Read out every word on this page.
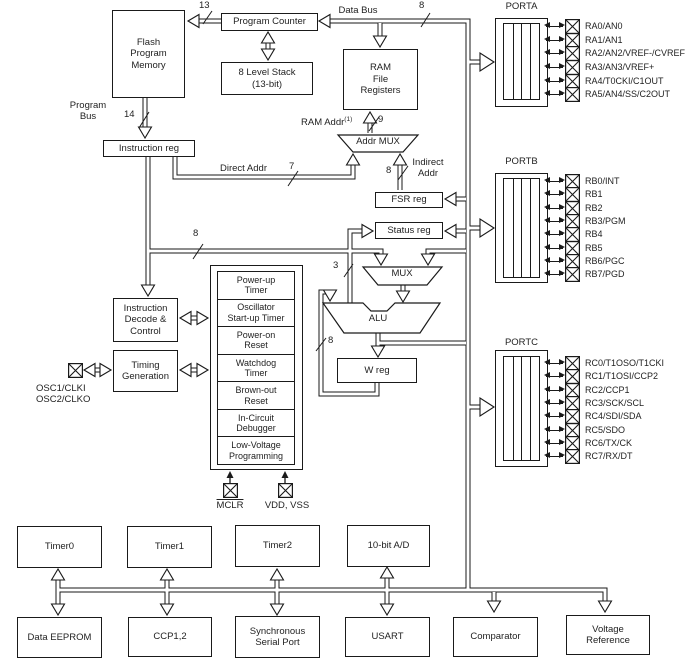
Flash
Program
Memory
Program Counter
8 Level Stack
(13-bit)
RAM
File
Registers
Instruction reg
FSR reg
Status reg
Instruction
Decode &
Control
Timing
Generation
W reg
Addr MUX
MUX
ALU
Power-up
Timer
Oscillator
Start-up Timer
Power-on
Reset
Watchdog
Timer
Brown-out
Reset
In-Circuit
Debugger
Low-Voltage
Programming
Timer0	Timer1	Timer2	10-bit A/D
Data EEPROM	CCP1,2
Synchronous
Serial Port
USART	Comparator
Voltage
Reference
PORTA
RA0/AN0
RA1/AN1
RA2/AN2/VREF-/CVREF
RA3/AN3/VREF+
RA4/T0CKI/C1OUT
RA5/AN4/SS/C2OUT
PORTB
RB0/INT
RB1
RB2
RB3/PGM
RB4
RB5
RB6/PGC
RB7/PGD
PORTC
RC0/T1OSO/T1CKI
RC1/T1OSI/CCP2
RC2/CCP1
RC3/SCK/SCL
RC4/SDI/SDA
RC5/SDO
RC6/TX/CK
RC7/RX/DT
OSC1/CLKI
OSC2/CLKO
MCLR	VDD, VSS
Data Bus	8
13
Program
Bus	14
RAM Addr$^{(1)}$	9
Direct Addr 7	8
Indirect
Addr
8
3
8
